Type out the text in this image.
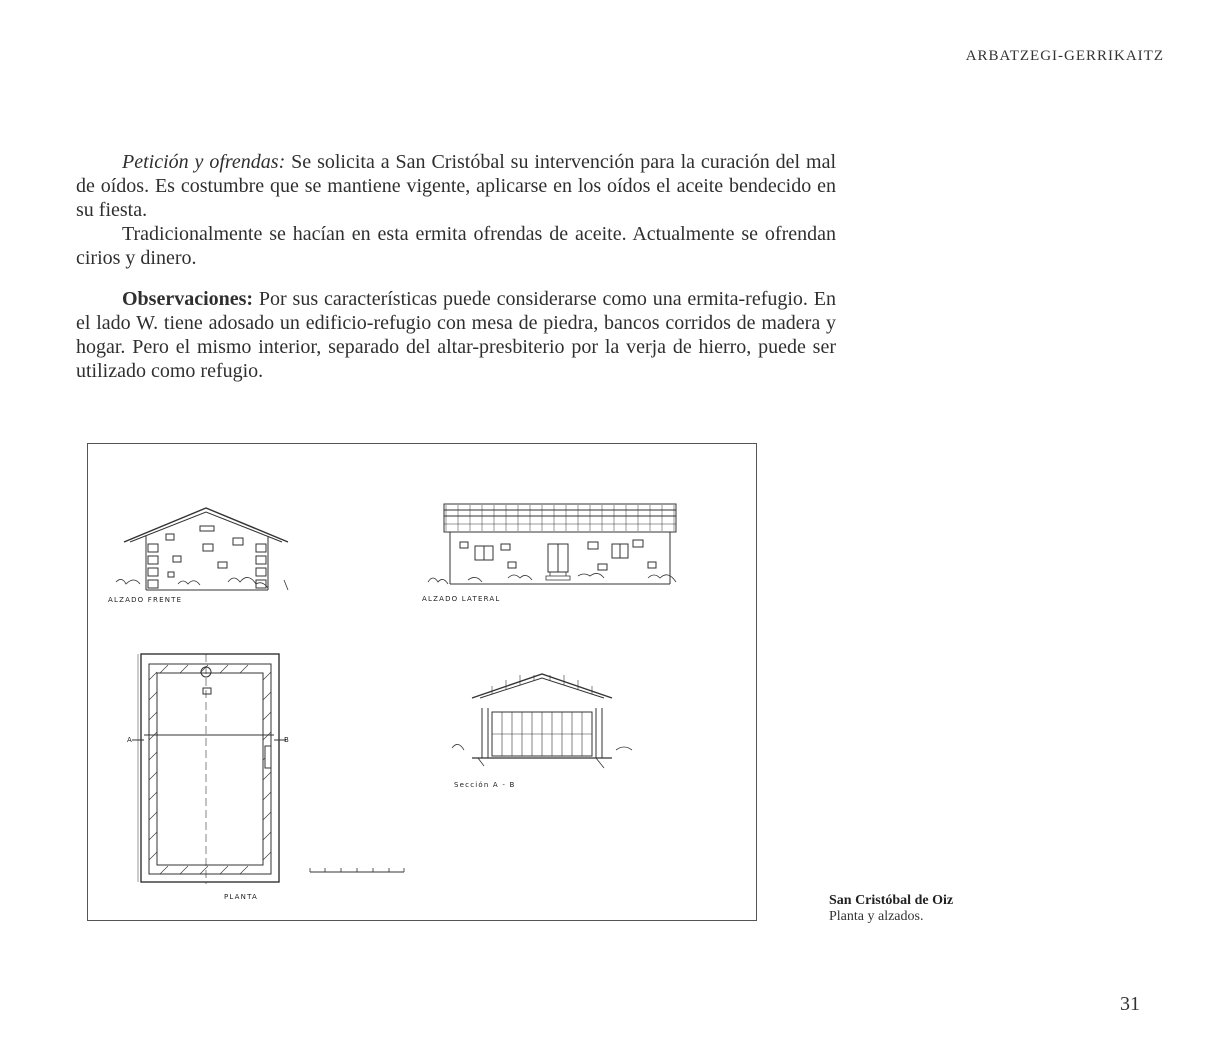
ARBATZEGI-GERRIKAITZ

Petición y ofrendas: Se solicita a San Cristóbal su intervención para la curación del mal de oídos. Es costumbre que se mantiene vigente, aplicarse en los oídos el aceite bendecido en su fiesta.

Tradicionalmente se hacían en esta ermita ofrendas de aceite. Actualmente se ofrendan cirios y dinero.

Observaciones: Por sus características puede considerarse como una ermita-refugio. En el lado W. tiene adosado un edificio-refugio con mesa de piedra, bancos corridos de madera y hogar. Pero el mismo interior, separado del altar-presbiterio por la verja de hierro, puede ser utilizado como refugio.

ALZADO FRENTE	ALZADO LATERAL
PLANTA
Sección A - B
A	B
San Cristóbal de Oiz
Planta y alzados.
31
